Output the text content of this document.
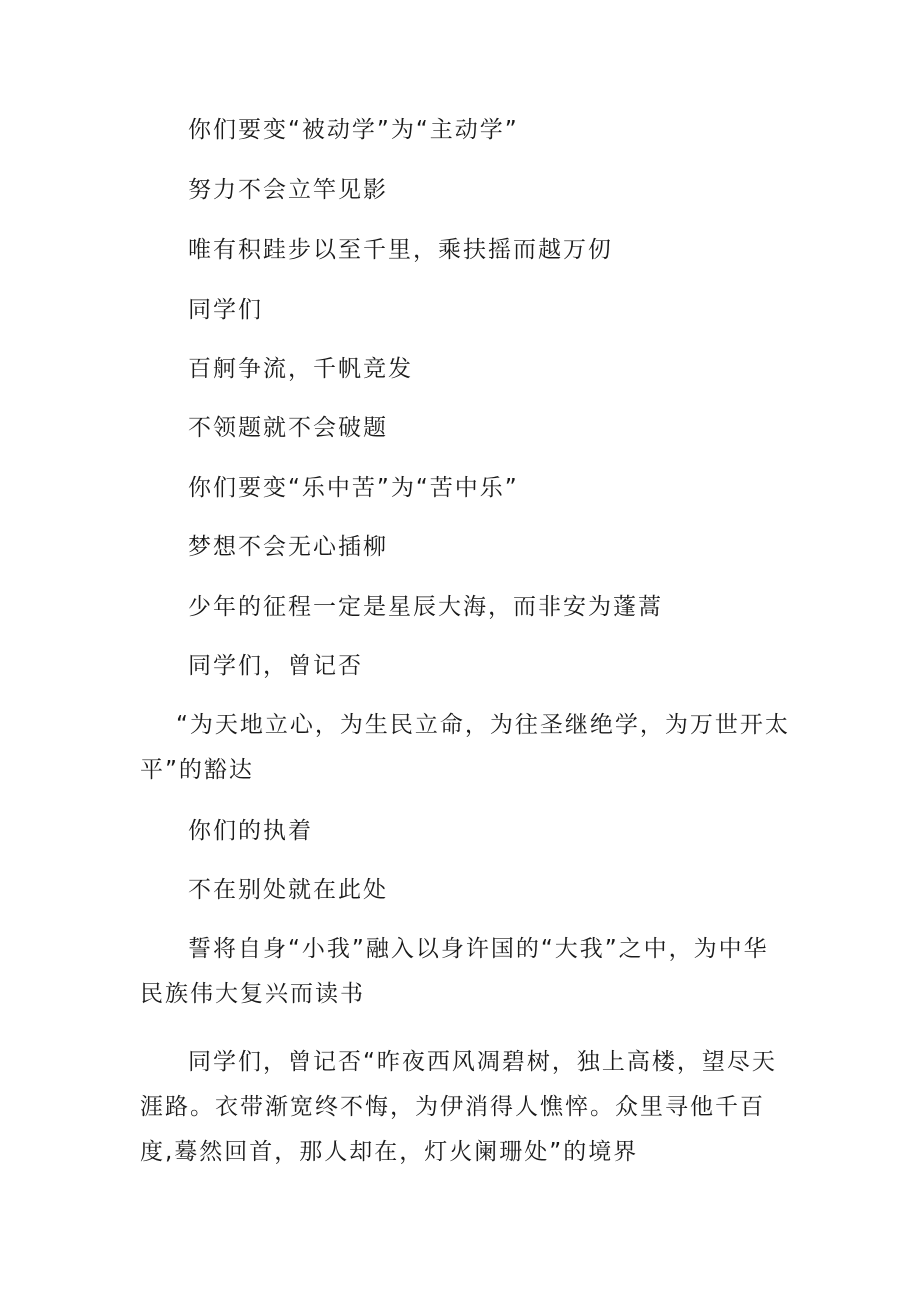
你们要变“被动学”为“主动学”

努力不会立竿见影

唯有积跬步以至千里，乘扶摇而越万仞

同学们

百舸争流，千帆竞发

不领题就不会破题

你们要变“乐中苦”为“苦中乐”

梦想不会无心插柳

少年的征程一定是星辰大海，而非安为蓬蒿

同学们，曾记否

“为天地立心，为生民立命，为往圣继绝学，为万世开太平”的豁达

你们的执着

不在别处就在此处

誓将自身“小我”融入以身许国的“大我”之中，为中华民族伟大复兴而读书

同学们，曾记否“昨夜西风凋碧树，独上高楼，望尽天涯路。衣带渐宽终不悔，为伊消得人憔悴。众里寻他千百度,蓦然回首，那人却在，灯火阑珊处”的境界
